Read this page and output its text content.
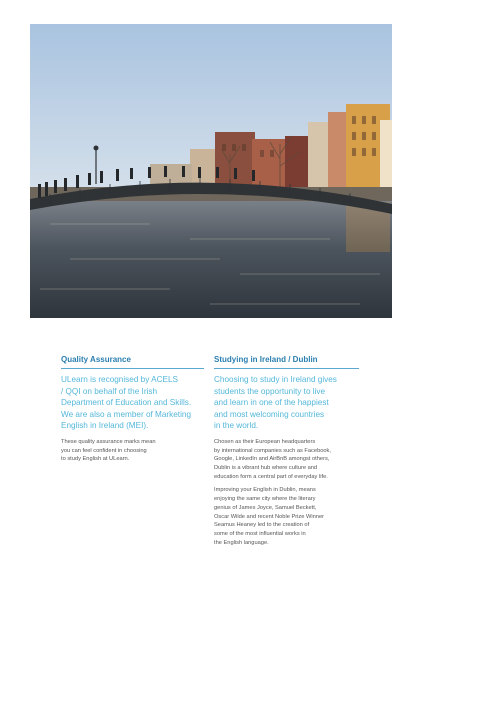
Quality Assurance

ULearn is recognised by ACELS
/ QQI on behalf of the Irish
Department of Education and Skills.
We are also a member of Marketing
English in Ireland (MEI).

These quality assurance marks mean
you can feel confident in choosing
to study English at ULearn.

Studying in Ireland / Dublin

Choosing to study in Ireland gives
students the opportunity to live
and learn in one of the happiest
and most welcoming countries
in the world.

Chosen as their European headquarters
by international companies such as Facebook,
Google, LinkedIn and AirBnB amongst others,
Dublin is a vibrant hub where culture and
education form a central part of everyday life.

Improving your English in Dublin, means
enjoying the same city where the literary
genius of James Joyce, Samuel Beckett,
Oscar Wilde and recent Noble Prize Winner
Seamus Heaney led to the creation of
some of the most influential works in
the English language.
